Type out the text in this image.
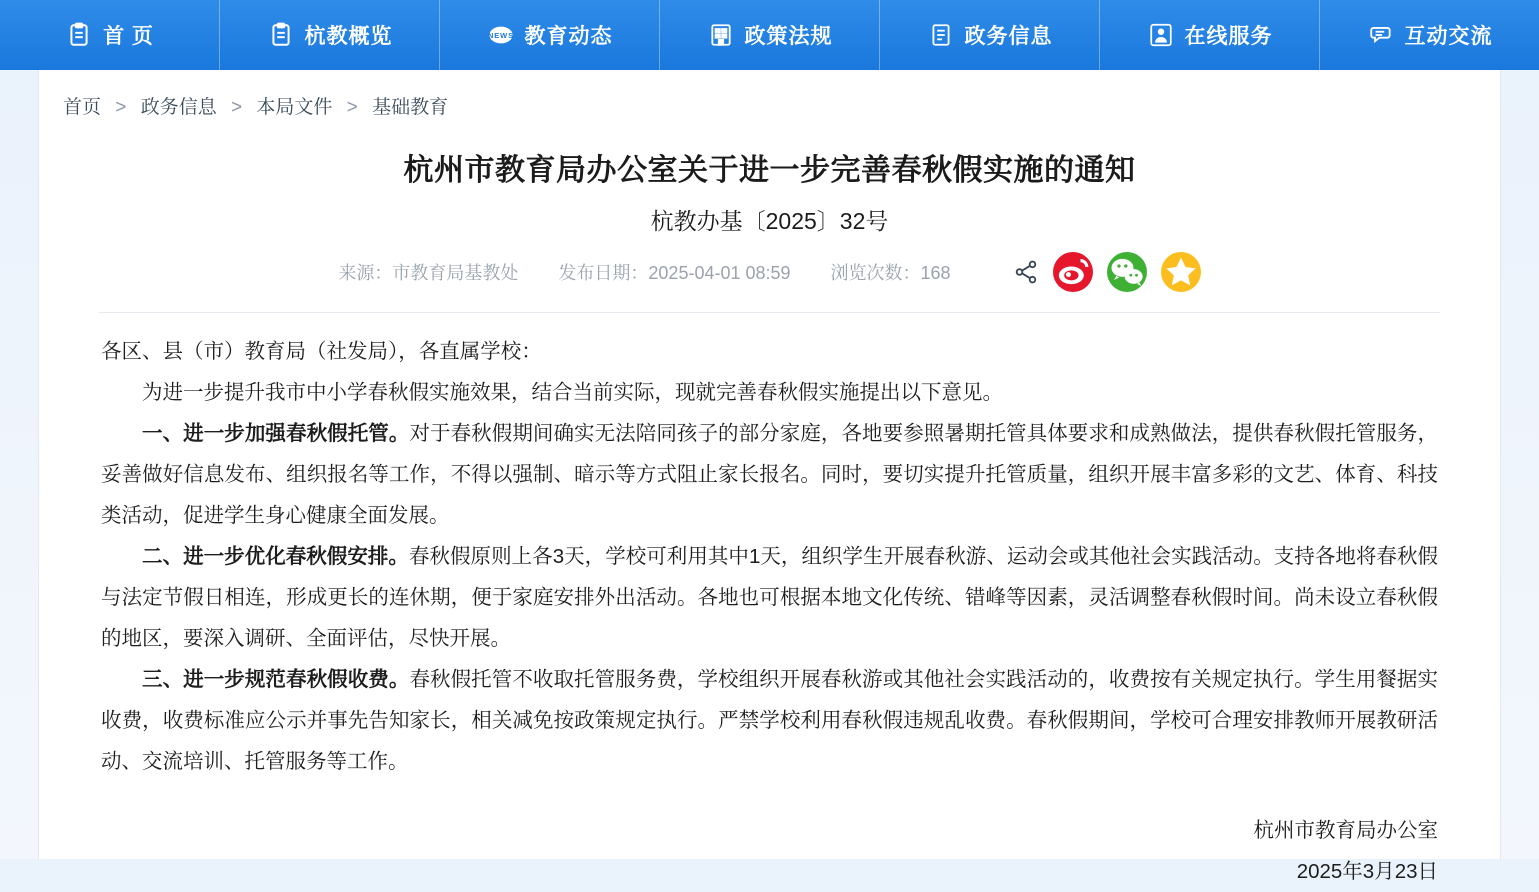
首 页	杭教概览	NEWS 教育动态	政策法规	政务信息	在线服务	互动交流
首页 > 政务信息 > 本局文件 > 基础教育
杭州市教育局办公室关于进一步完善春秋假实施的通知
杭教办基〔2025〕32号
来源：市教育局基教处 发布日期：2025-04-01 08:59 浏览次数：168

各区、县（市）教育局（社发局），各直属学校：

为进一步提升我市中小学春秋假实施效果，结合当前实际，现就完善春秋假实施提出以下意见。

一、进一步加强春秋假托管。对于春秋假期间确实无法陪同孩子的部分家庭，各地要参照暑期托管具体要求和成熟做法，提供春秋假托管服务，妥善做好信息发布、组织报名等工作，不得以强制、暗示等方式阻止家长报名。同时，要切实提升托管质量，组织开展丰富多彩的文艺、体育、科技类活动，促进学生身心健康全面发展。

二、进一步优化春秋假安排。春秋假原则上各3天，学校可利用其中1天，组织学生开展春秋游、运动会或其他社会实践活动。支持各地将春秋假与法定节假日相连，形成更长的连休期，便于家庭安排外出活动。各地也可根据本地文化传统、错峰等因素，灵活调整春秋假时间。尚未设立春秋假的地区，要深入调研、全面评估，尽快开展。

三、进一步规范春秋假收费。春秋假托管不收取托管服务费，学校组织开展春秋游或其他社会实践活动的，收费按有关规定执行。学生用餐据实收费，收费标准应公示并事先告知家长，相关减免按政策规定执行。严禁学校利用春秋假违规乱收费。春秋假期间，学校可合理安排教师开展教研活动、交流培训、托管服务等工作。

杭州市教育局办公室
2025年3月23日
